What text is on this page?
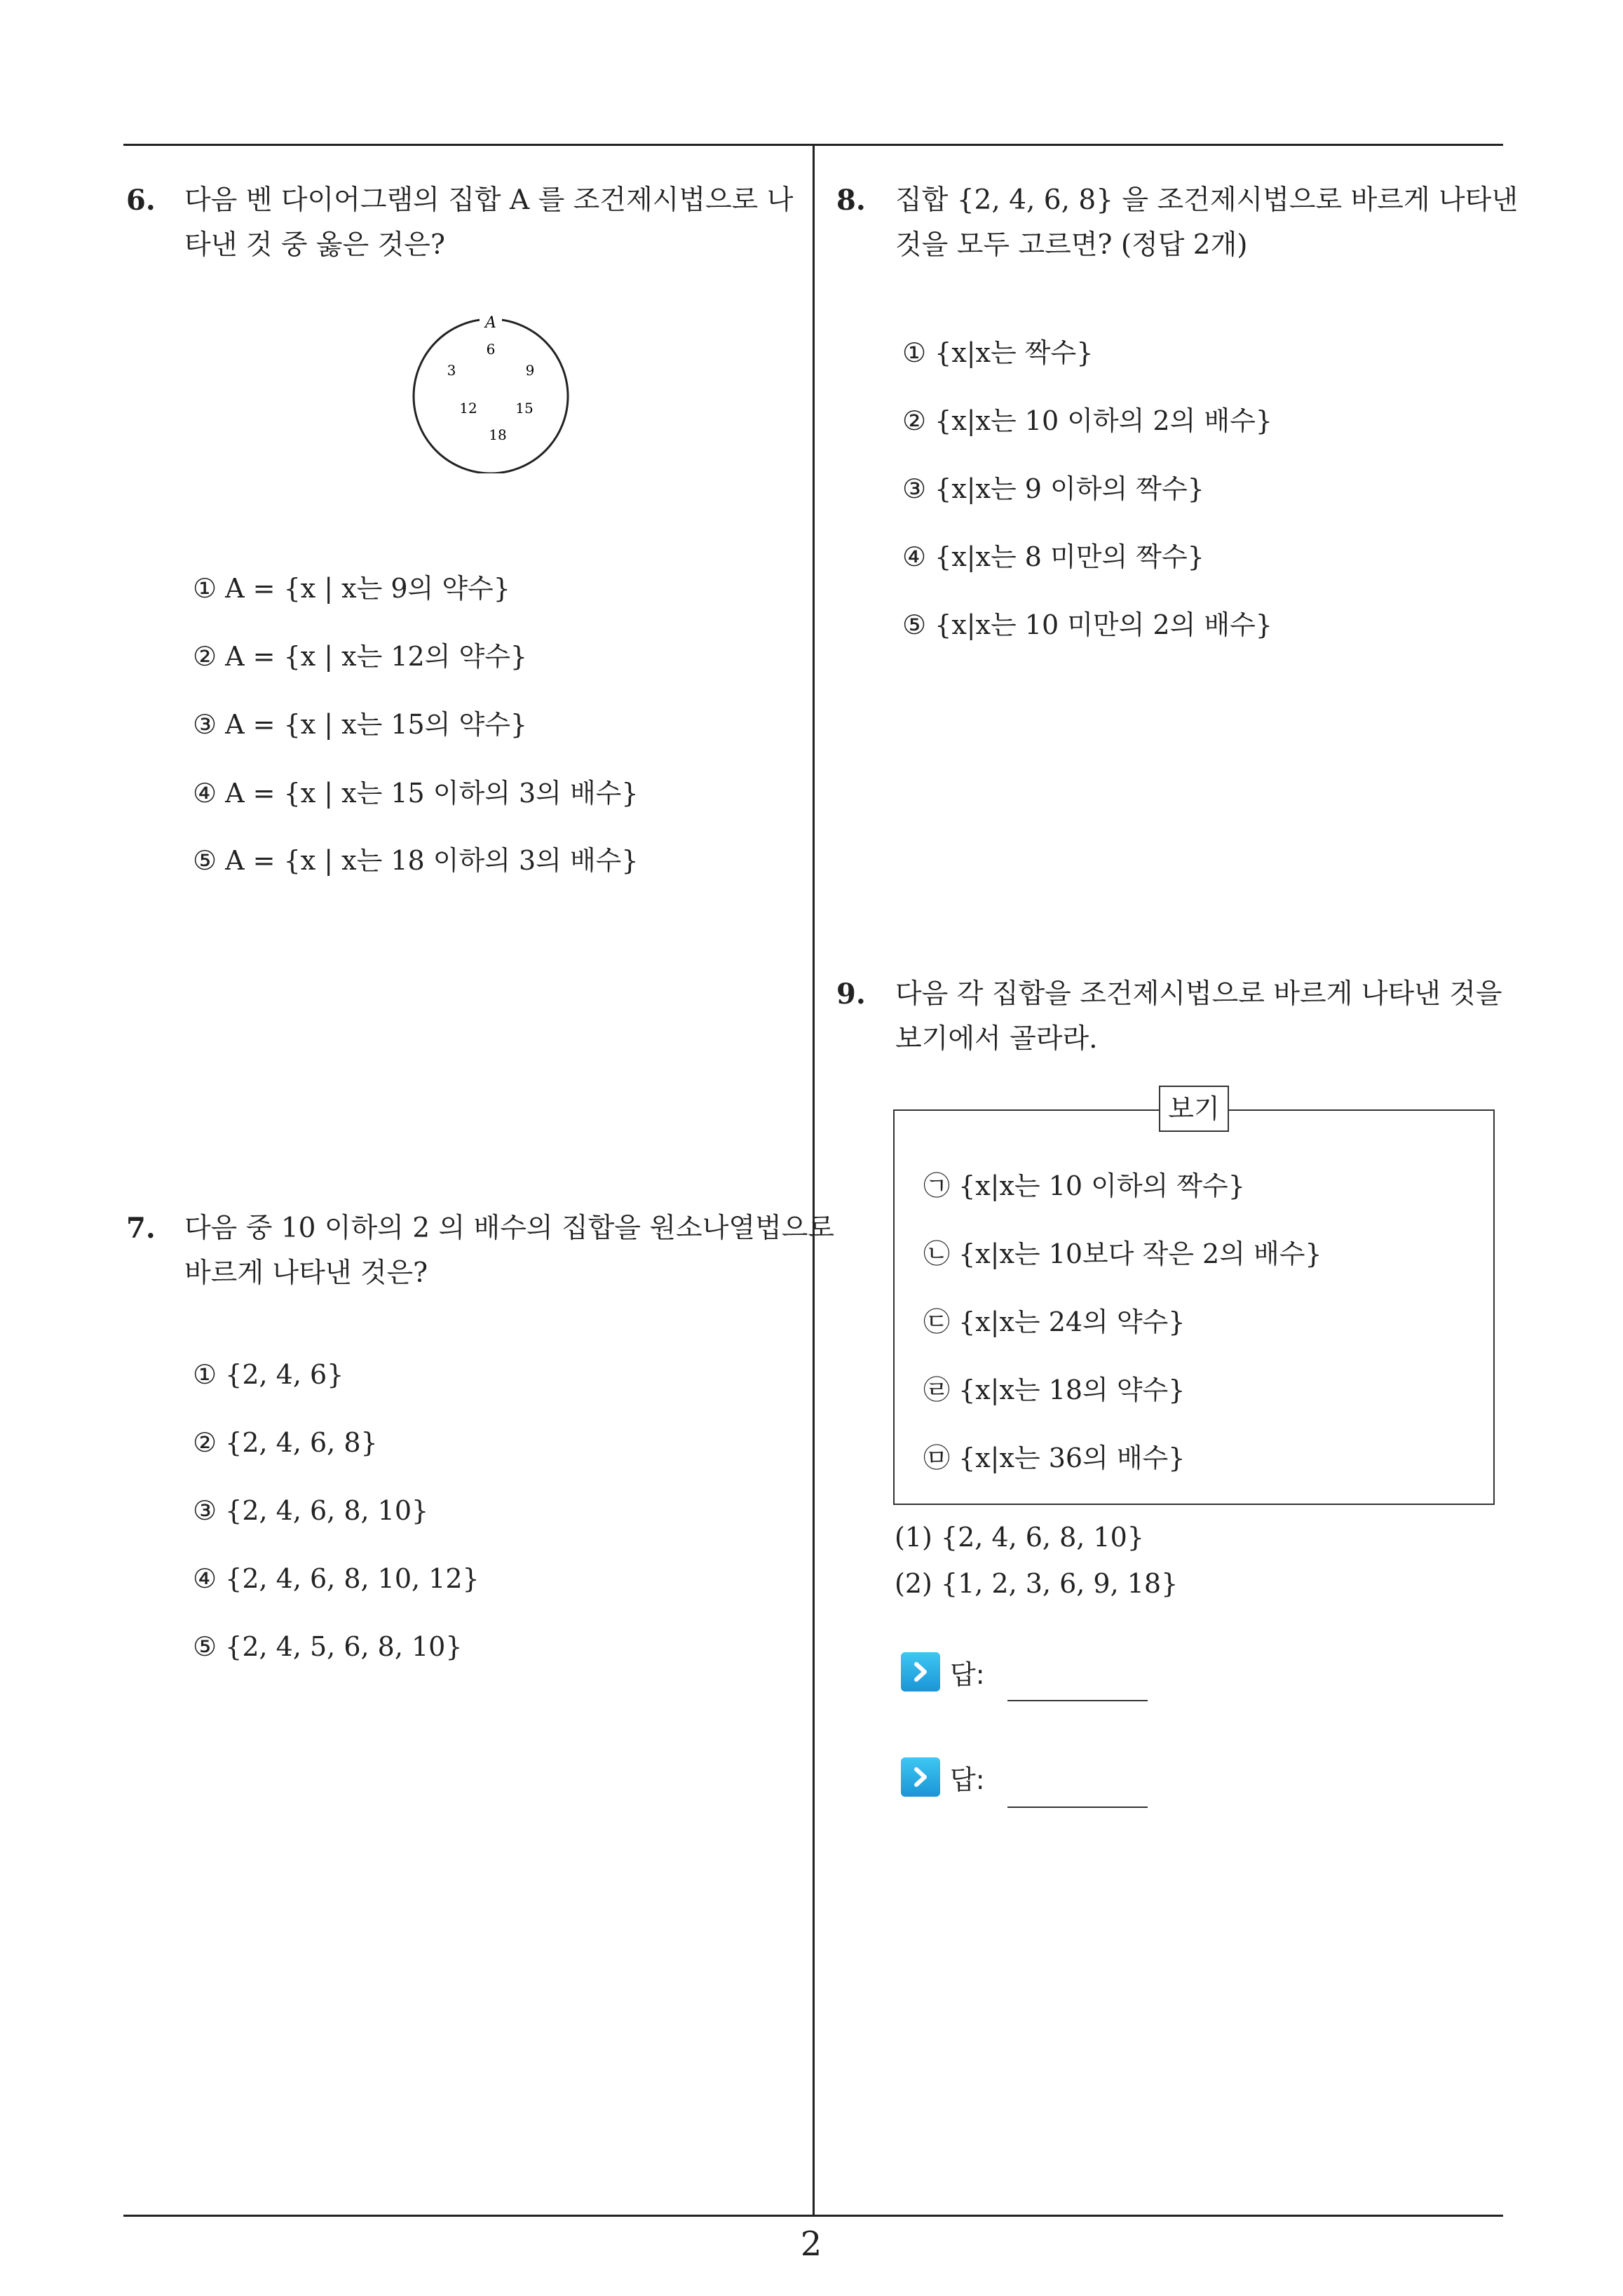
6. 다음 벤 다이어그램의 집합 A 를 조건제시법으로 나
타낸 것 중 옳은 것은?
A
6
3	9
12	15
18
① A = {x | x는 9의 약수}
② A = {x | x는 12의 약수}
③ A = {x | x는 15의 약수}
④ A = {x | x는 15 이하의 3의 배수}
⑤ A = {x | x는 18 이하의 3의 배수}
7. 다음 중 10 이하의 2 의 배수의 집합을 원소나열법으로
바르게 나타낸 것은?
① {2, 4, 6}
② {2, 4, 6, 8}
③ {2, 4, 6, 8, 10}
④ {2, 4, 6, 8, 10, 12}
⑤ {2, 4, 5, 6, 8, 10}
8. 집합 {2, 4, 6, 8} 을 조건제시법으로 바르게 나타낸
것을 모두 고르면? (정답 2개)
① {x|x는 짝수}
② {x|x는 10 이하의 2의 배수}
③ {x|x는 9 이하의 짝수}
④ {x|x는 8 미만의 짝수}
⑤ {x|x는 10 미만의 2의 배수}
9. 다음 각 집합을 조건제시법으로 바르게 나타낸 것을
보기에서 골라라.
보기
㉠ {x|x는 10 이하의 짝수}
㉡ {x|x는 10보다 작은 2의 배수}
㉢ {x|x는 24의 약수}
㉣ {x|x는 18의 약수}
㉤ {x|x는 36의 배수}
(1) {2, 4, 6, 8, 10}
(2) {1, 2, 3, 6, 9, 18}
답:
답:
2
